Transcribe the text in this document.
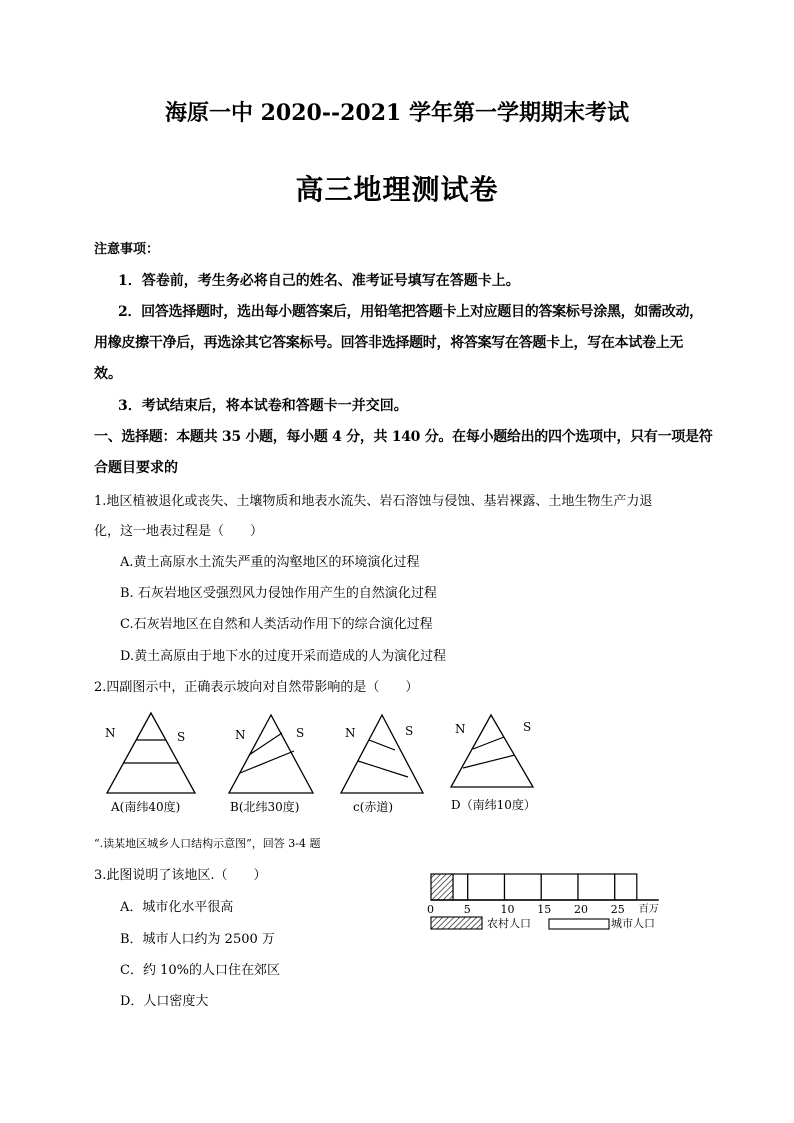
海原一中 2020--2021 学年第一学期期末考试
高三地理测试卷
注意事项：
1．答卷前，考生务必将自己的姓名、准考证号填写在答题卡上。
2．回答选择题时，选出每小题答案后，用铅笔把答题卡上对应题目的答案标号涂黑，如需改动，
用橡皮擦干净后，再选涂其它答案标号。回答非选择题时，将答案写在答题卡上，写在本试卷上无
效。
3．考试结束后，将本试卷和答题卡一并交回。
一、选择题：本题共 35 小题，每小题 4 分，共 140 分。在每小题给出的四个选项中，只有一项是符
合题目要求的
1.地区植被退化或丧失、土壤物质和地表水流失、岩石溶蚀与侵蚀、基岩裸露、土地生物生产力退
化，这一地表过程是（　　）
A.黄土高原水土流失严重的沟壑地区的环境演化过程
B. 石灰岩地区受强烈风力侵蚀作用产生的自然演化过程
C.石灰岩地区在自然和人类活动作用下的综合演化过程
D.黄土高原由于地下水的过度开采而造成的人为演化过程
2.四副图示中，正确表示坡向对自然带影响的是（　　）
N	S
A(南纬40度)
N	S
B(北纬30度)
N	S
c(赤道)
N	S
D（南纬10度）
“.读某地区城乡人口结构示意图”，回答 3-4 题
3.此图说明了该地区.（　　）
A．城市化水平很高
B．城市人口约为 2500 万
C．约 10%的人口住在郊区
D．人口密度大
0	5	10 15 20 25 百万
农村人口	城市人口
